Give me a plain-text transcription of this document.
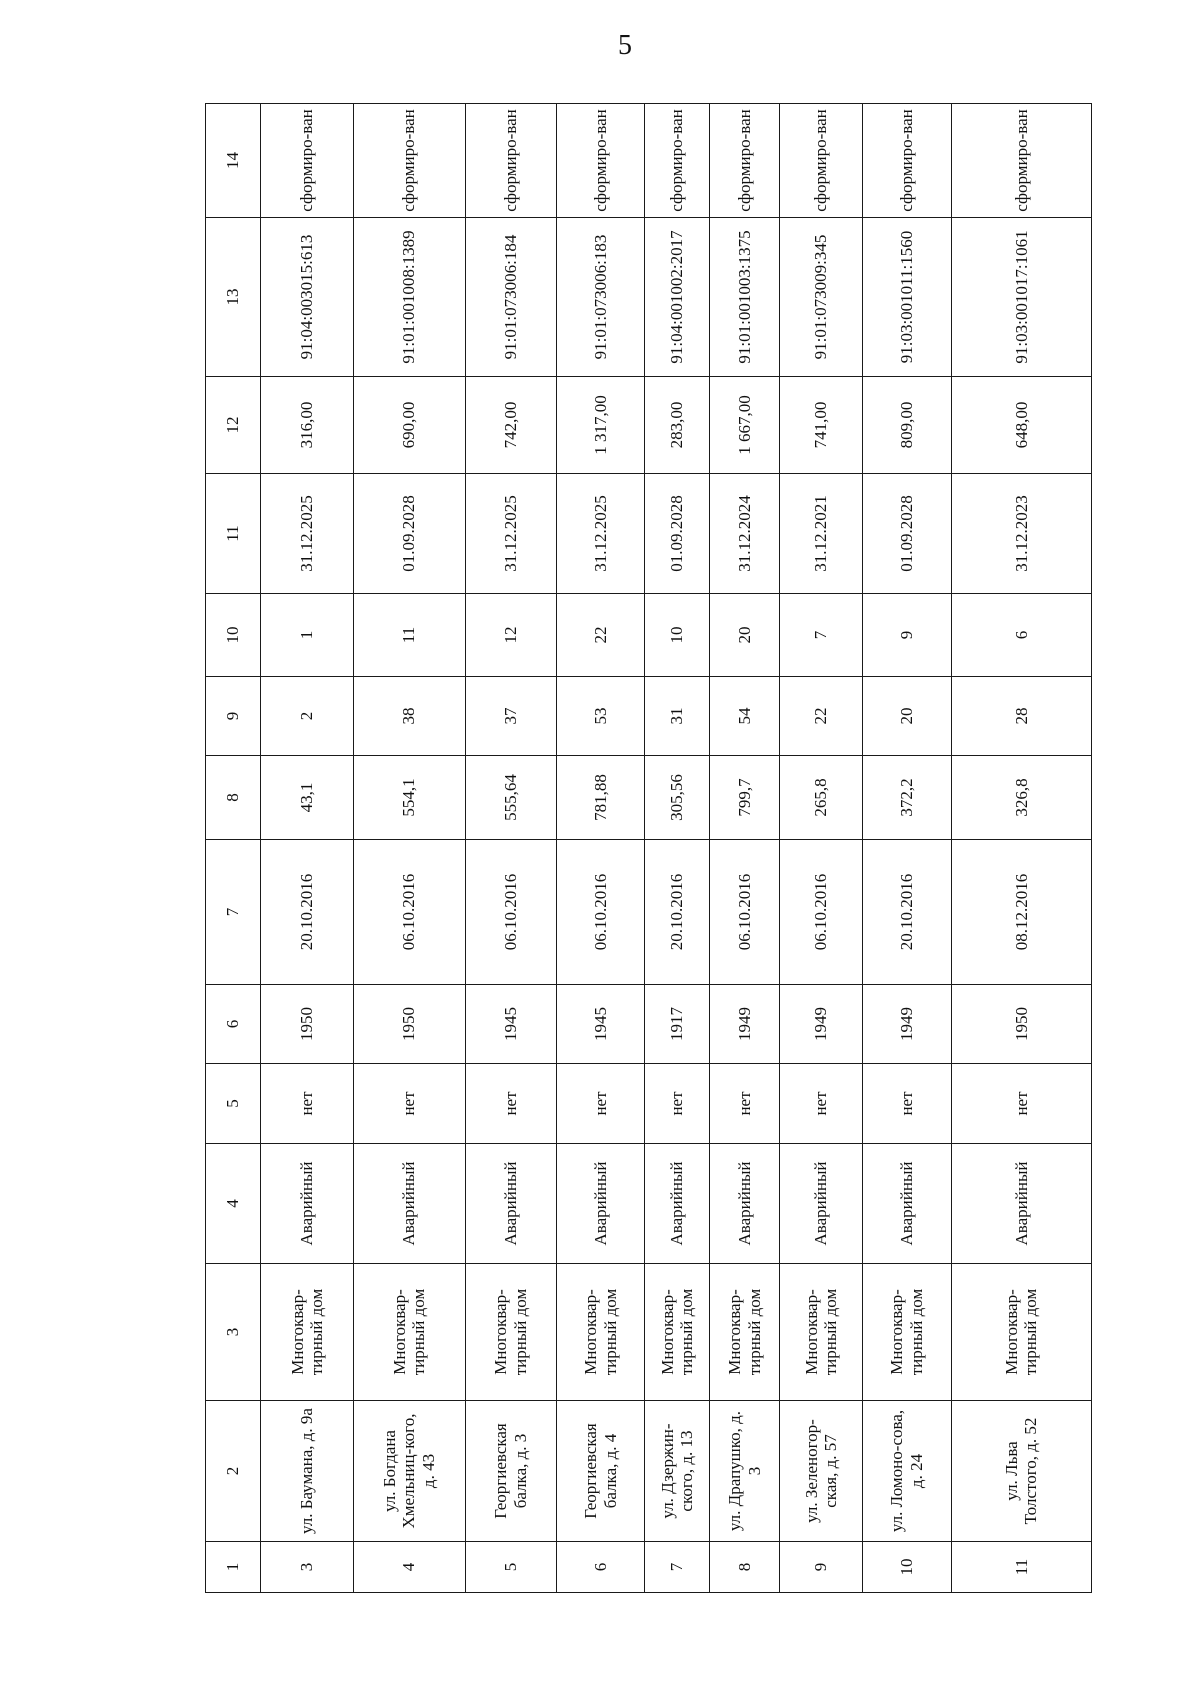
5
1	2	3	4	5	6	7	8	9	10	11	12	13	14

3	ул. Баумана, д. 9а	Многоквар-тирный дом	Аварийный	нет	1950	20.10.2016	43,1	2	1	31.12.2025	316,00	91:04:003015:613	сформиро-ван

4	ул. Богдана Хмельниц-кого, д. 43	Многоквар-тирный дом	Аварийный	нет	1950	06.10.2016	554,1	38	11	01.09.2028	690,00	91:01:001008:1389	сформиро-ван

5	Георгиевская балка, д. 3	Многоквар-тирный дом	Аварийный	нет	1945	06.10.2016	555,64	37	12	31.12.2025	742,00	91:01:073006:184	сформиро-ван

6	Георгиевская балка, д. 4	Многоквар-тирный дом	Аварийный	нет	1945	06.10.2016	781,88	53	22	31.12.2025	1 317,00	91:01:073006:183	сформиро-ван

7	ул. Дзержин-ского, д. 13	Многоквар-тирный дом	Аварийный	нет	1917	20.10.2016	305,56	31	10	01.09.2028	283,00	91:04:001002:2017	сформиро-ван

8	ул. Драпушко, д. 3	Многоквар-тирный дом	Аварийный	нет	1949	06.10.2016	799,7	54	20	31.12.2024	1 667,00	91:01:001003:1375	сформиро-ван

9	ул. Зеленогор-ская, д. 57	Многоквар-тирный дом	Аварийный	нет	1949	06.10.2016	265,8	22	7	31.12.2021	741,00	91:01:073009:345	сформиро-ван

10	ул. Ломоно-сова, д. 24	Многоквар-тирный дом	Аварийный	нет	1949	20.10.2016	372,2	20	9	01.09.2028	809,00	91:03:001011:1560	сформиро-ван

11	ул. Льва Толстого, д. 52	Многоквар-тирный дом	Аварийный	нет	1950	08.12.2016	326,8	28	6	31.12.2023	648,00	91:03:001017:1061	сформиро-ван
